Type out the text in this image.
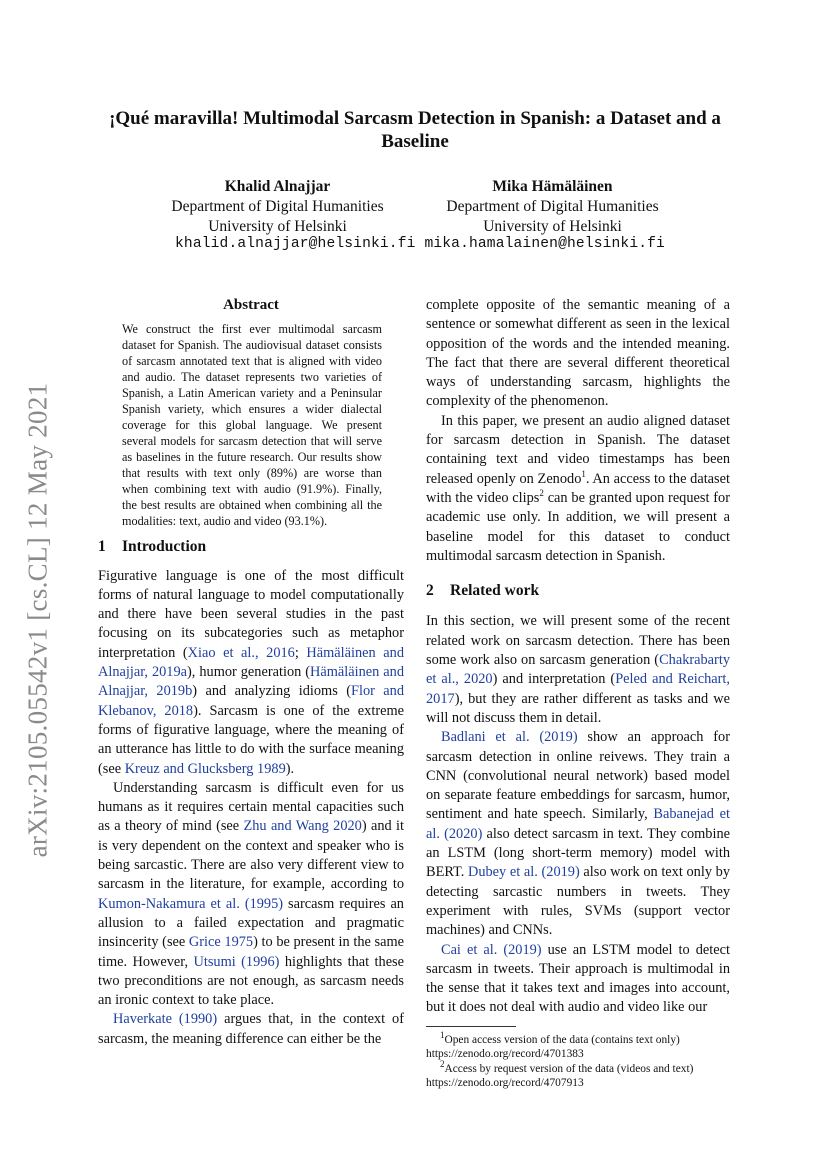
arXiv:2105.05542v1 [cs.CL] 12 May 2021
¡Qué maravilla! Multimodal Sarcasm Detection in Spanish: a Dataset and a Baseline
Khalid Alnajjar
Department of Digital Humanities
University of Helsinki
Mika Hämäläinen
Department of Digital Humanities
University of Helsinki
khalid.alnajjar@helsinki.fi mika.hamalainen@helsinki.fi
Abstract
We construct the first ever multimodal sarcasm dataset for Spanish. The audiovisual dataset consists of sarcasm annotated text that is aligned with video and audio. The dataset represents two varieties of Spanish, a Latin American variety and a Peninsular Spanish variety, which ensures a wider dialectal coverage for this global language. We present several models for sarcasm detection that will serve as baselines in the future research. Our results show that results with text only (89%) are worse than when combining text with audio (91.9%). Finally, the best results are obtained when combining all the modalities: text, audio and video (93.1%).
1 Introduction

Figurative language is one of the most difficult forms of natural language to model computationally and there have been several studies in the past focusing on its subcategories such as metaphor interpretation (Xiao et al., 2016; Hämäläinen and Alnajjar, 2019a), humor generation (Hämäläinen and Alnajjar, 2019b) and analyzing idioms (Flor and Klebanov, 2018). Sarcasm is one of the extreme forms of figurative language, where the meaning of an utterance has little to do with the surface meaning (see Kreuz and Glucksberg 1989).

Understanding sarcasm is difficult even for us humans as it requires certain mental capacities such as a theory of mind (see Zhu and Wang 2020) and it is very dependent on the context and speaker who is being sarcastic. There are also very different view to sarcasm in the literature, for example, according to Kumon-Nakamura et al. (1995) sarcasm requires an allusion to a failed expectation and pragmatic insincerity (see Grice 1975) to be present in the same time. However, Utsumi (1996) highlights that these two preconditions are not enough, as sarcasm needs an ironic context to take place.

Haverkate (1990) argues that, in the context of sarcasm, the meaning difference can either be the

complete opposite of the semantic meaning of a sentence or somewhat different as seen in the lexical opposition of the words and the intended meaning. The fact that there are several different theoretical ways of understanding sarcasm, highlights the complexity of the phenomenon.

In this paper, we present an audio aligned dataset for sarcasm detection in Spanish. The dataset containing text and video timestamps has been released openly on Zenodo$^1$. An access to the dataset with the video clips$^2$ can be granted upon request for academic use only. In addition, we will present a baseline model for this dataset to conduct multimodal sarcasm detection in Spanish.

2 Related work

In this section, we will present some of the recent related work on sarcasm detection. There has been some work also on sarcasm generation (Chakrabarty et al., 2020) and interpretation (Peled and Reichart, 2017), but they are rather different as tasks and we will not discuss them in detail.

Badlani et al. (2019) show an approach for sarcasm detection in online reivews. They train a CNN (convolutional neural network) based model on separate feature embeddings for sarcasm, humor, sentiment and hate speech. Similarly, Babanejad et al. (2020) also detect sarcasm in text. They combine an LSTM (long short-term memory) model with BERT. Dubey et al. (2019) also work on text only by detecting sarcastic numbers in tweets. They experiment with rules, SVMs (support vector machines) and CNNs.

Cai et al. (2019) use an LSTM model to detect sarcasm in tweets. Their approach is multimodal in the sense that it takes text and images into account, but it does not deal with audio and video like our

$^1$Open access version of the data (contains text only) https://zenodo.org/record/4701383
$^2$Access by request version of the data (videos and text) https://zenodo.org/record/4707913
